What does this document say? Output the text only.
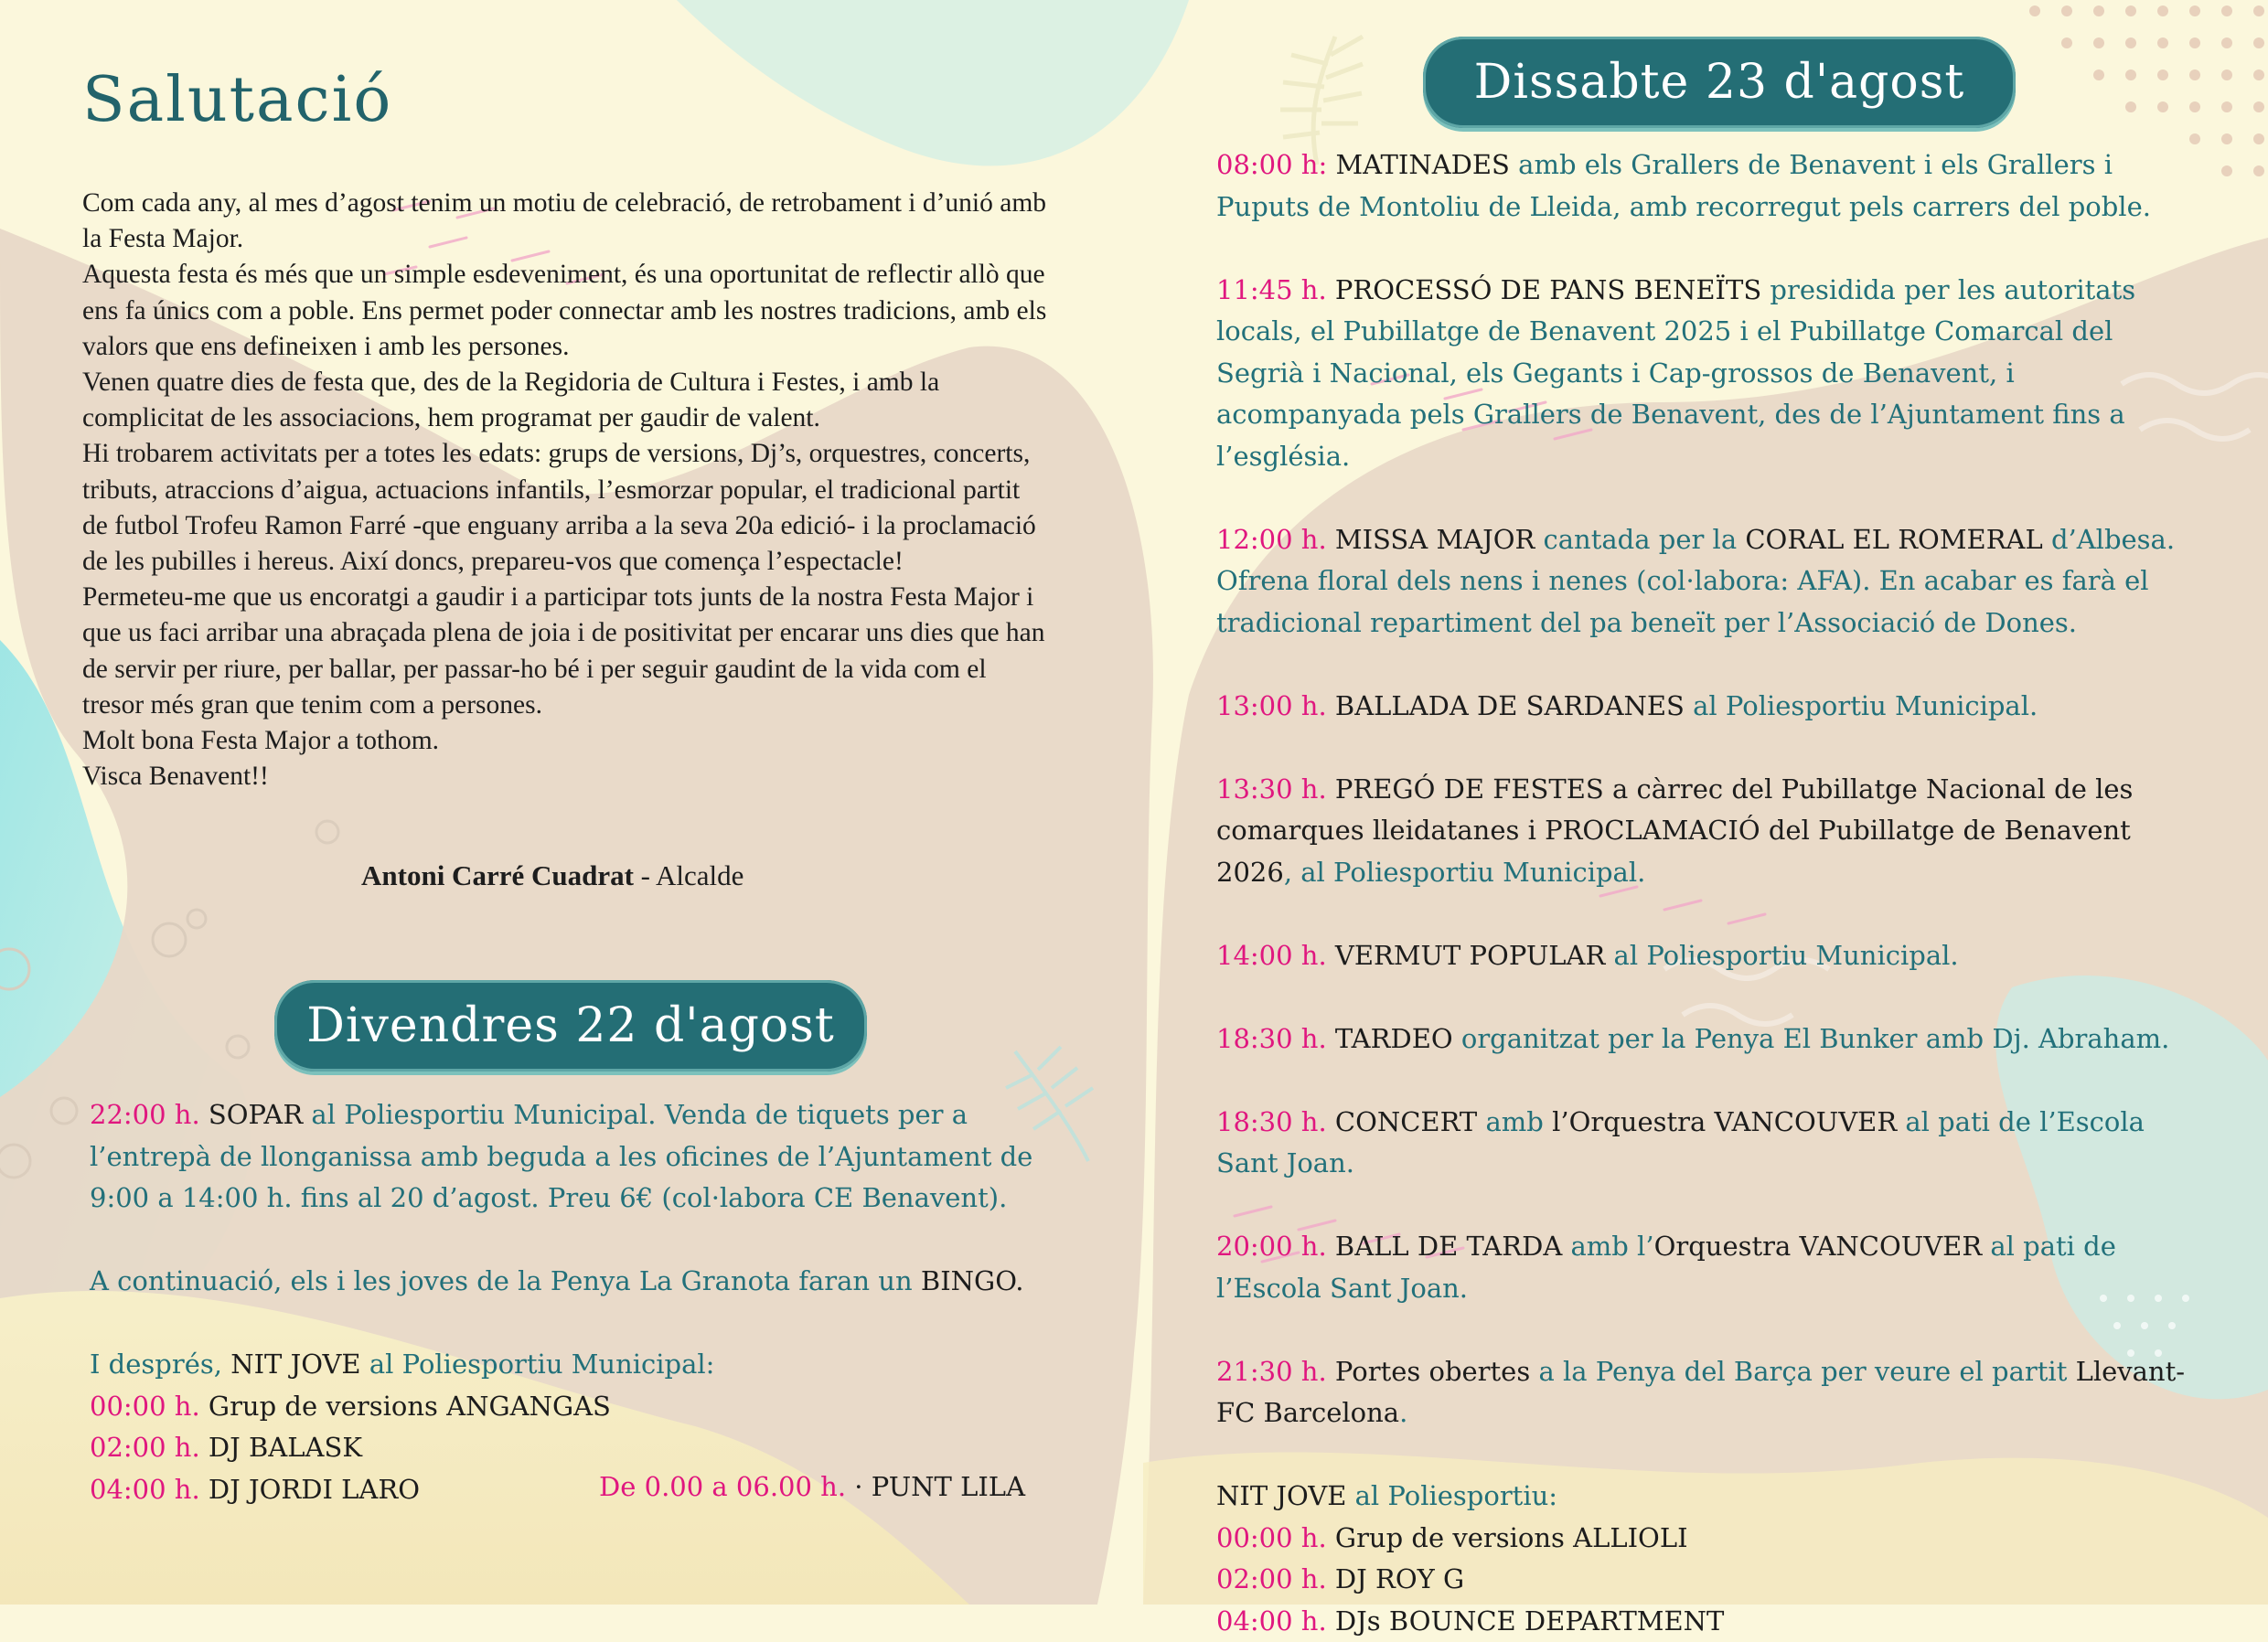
Salutació

Com cada any, al mes d’agost tenim un motiu de celebració, de retrobament i d’unió amb la Festa Major.

Aquesta festa és més que un simple esdeveniment, és una oportunitat de reflectir allò que ens fa únics com a poble. Ens permet poder connectar amb les nostres tradicions, amb els valors que ens defineixen i amb les persones.

Venen quatre dies de festa que, des de la Regidoria de Cultura i Festes, i amb la complicitat de les associacions, hem programat per gaudir de valent.

Hi trobarem activitats per a totes les edats: grups de versions, Dj’s, orquestres, concerts, tributs, atraccions d’aigua, actuacions infantils, l’esmorzar popular, el tradicional partit de futbol Trofeu Ramon Farré -que enguany arriba a la seva 20a edició- i la proclamació de les pubilles i hereus. Així doncs, prepareu-vos que comença l’espectacle!

Permeteu-me que us encoratgi a gaudir i a participar tots junts de la nostra Festa Major i que us faci arribar una abraçada plena de joia i de positivitat per encarar uns dies que han de servir per riure, per ballar, per passar-ho bé i per seguir gaudint de la vida com el tresor més gran que tenim com a persones.

Molt bona Festa Major a tothom.

Visca Benavent!!

Antoni Carré Cuadrat - Alcalde
Divendres 22 d'agost

22:00 h. SOPAR al Poliesportiu Municipal. Venda de tiquets per a l’entrepà de llonganissa amb beguda a les oficines de l’Ajuntament de 9:00 a 14:00 h. fins al 20 d’agost. Preu 6€ (col·labora CE Benavent).

A continuació, els i les joves de la Penya La Granota faran un BINGO.

I després, NIT JOVE al Poliesportiu Municipal:

00:00 h. Grup de versions ANGANGAS

02:00 h. DJ BALASK

04:00 h. DJ JORDI LARO	De 0.00 a 06.00 h. · PUNT LILA
Dissabte 23 d'agost

08:00 h: MATINADES amb els Grallers de Benavent i els Grallers i Puputs de Montoliu de Lleida, amb recorregut pels carrers del poble.

11:45 h. PROCESSÓ DE PANS BENEÏTS presidida per les autoritats locals, el Pubillatge de Benavent 2025 i el Pubillatge Comarcal del Segrià i Nacional, els Gegants i Cap-grossos de Benavent, i acompanyada pels Grallers de Benavent, des de l’Ajuntament fins a l’església.

12:00 h. MISSA MAJOR cantada per la CORAL EL ROMERAL d’Albesa. Ofrena floral dels nens i nenes (col·labora: AFA). En acabar es farà el tradicional repartiment del pa beneït per l’Associació de Dones.

13:00 h. BALLADA DE SARDANES al Poliesportiu Municipal.

13:30 h. PREGÓ DE FESTES a càrrec del Pubillatge Nacional de les comarques lleidatanes i PROCLAMACIÓ del Pubillatge de Benavent 2026, al Poliesportiu Municipal.

14:00 h. VERMUT POPULAR al Poliesportiu Municipal.

18:30 h. TARDEO organitzat per la Penya El Bunker amb Dj. Abraham.

18:30 h. CONCERT amb l’Orquestra VANCOUVER al pati de l’Escola Sant Joan.

20:00 h. BALL DE TARDA amb l’Orquestra VANCOUVER al pati de l’Escola Sant Joan.

21:30 h. Portes obertes a la Penya del Barça per veure el partit Llevant-FC Barcelona.

NIT JOVE al Poliesportiu:

00:00 h. Grup de versions ALLIOLI

02:00 h. DJ ROY G

04:00 h. DJs BOUNCE DEPARTMENT
